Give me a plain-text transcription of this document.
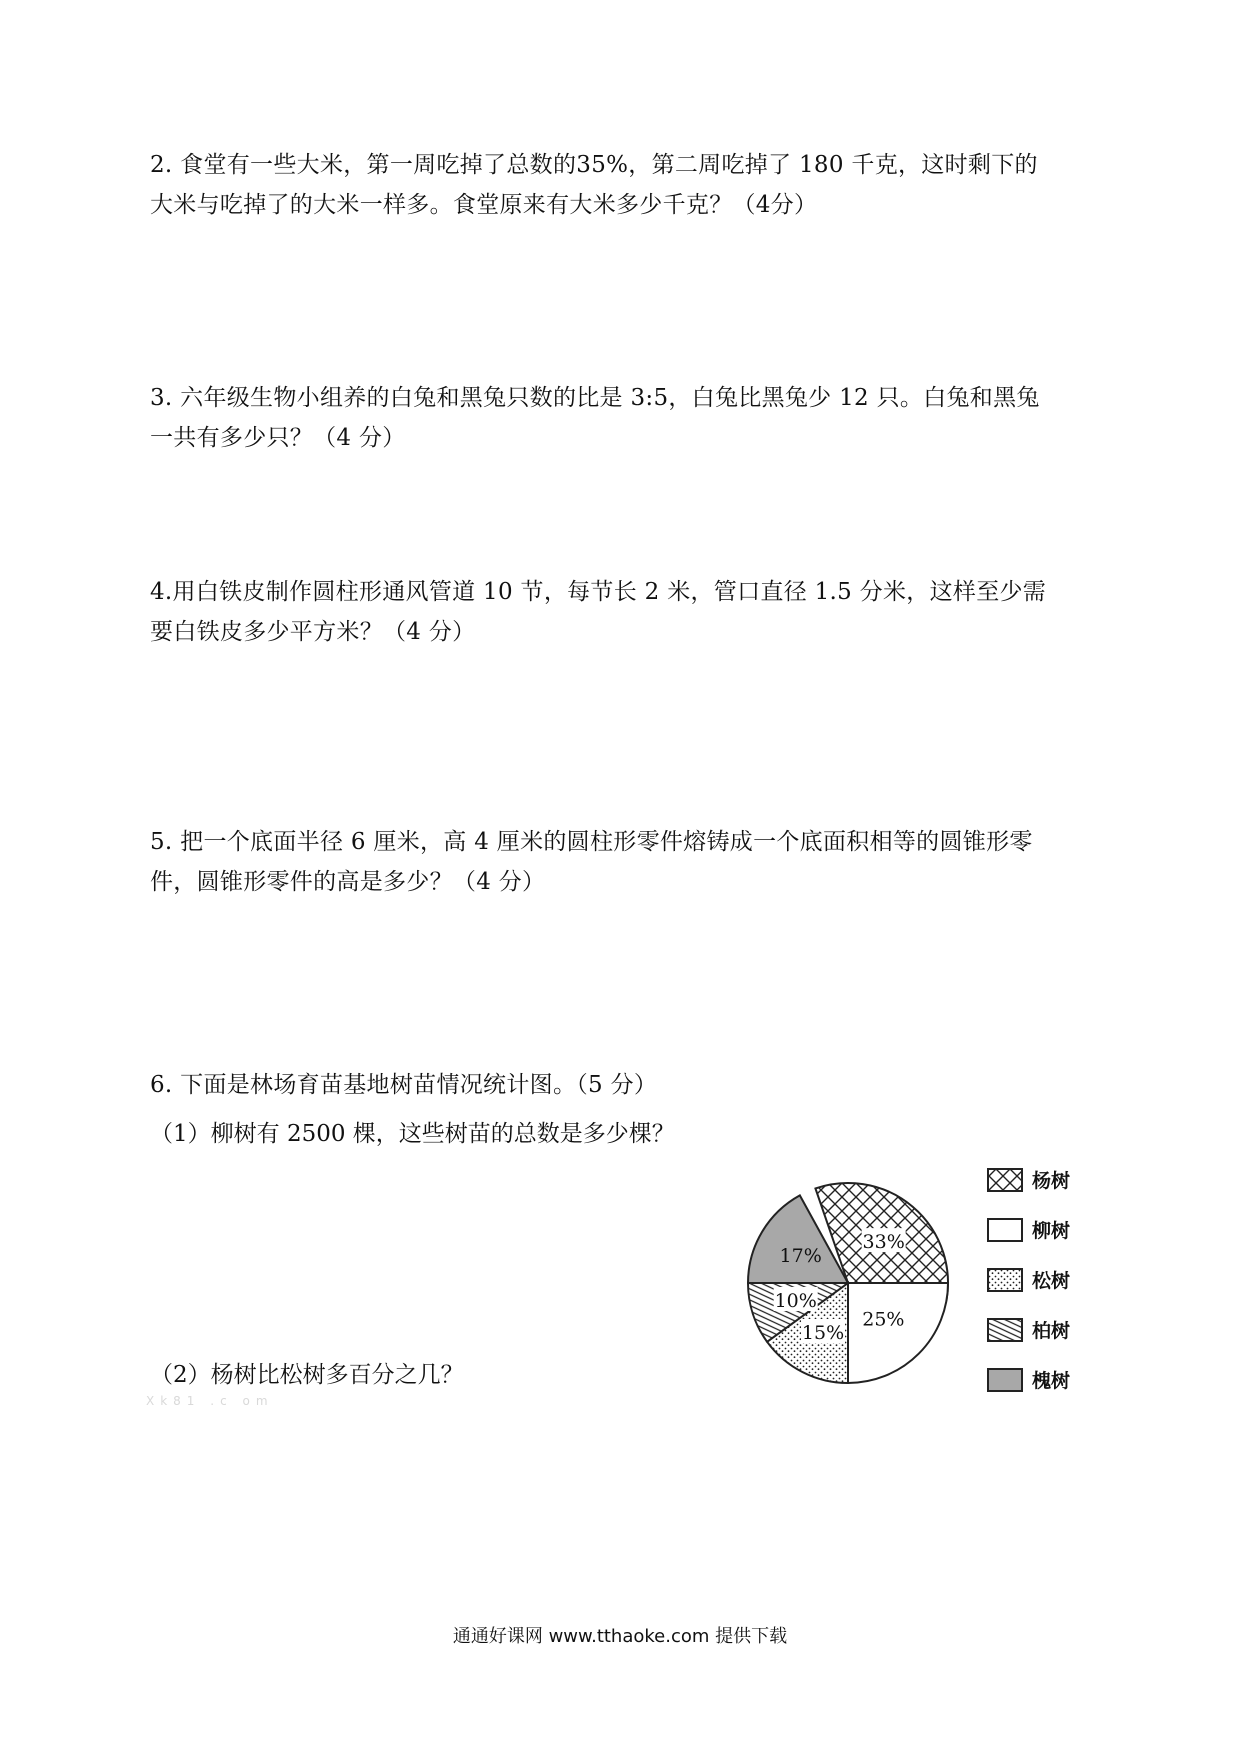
2. 食堂有一些大米，第一周吃掉了总数的35%，第二周吃掉了 180 千克，这时剩下的
大米与吃掉了的大米一样多。食堂原来有大米多少千克？（4分）
3. 六年级生物小组养的白兔和黑兔只数的比是 3:5，白兔比黑兔少 12 只。白兔和黑兔
一共有多少只？（4 分）
4.用白铁皮制作圆柱形通风管道 10 节，每节长 2 米，管口直径 1.5 分米，这样至少需
要白铁皮多少平方米？（4 分）
5. 把一个底面半径 6 厘米，高 4 厘米的圆柱形零件熔铸成一个底面积相等的圆锥形零
件，圆锥形零件的高是多少？（4 分）
6. 下面是林场育苗基地树苗情况统计图。（5 分）
（1）柳树有 2500 棵，这些树苗的总数是多少棵？
（2）杨树比松树多百分之几？
Xk81 .c om
33%
25%
15%
10%
17%
杨树
柳树
松树
柏树
槐树
通通好课网 www.tthaoke.com 提供下载
